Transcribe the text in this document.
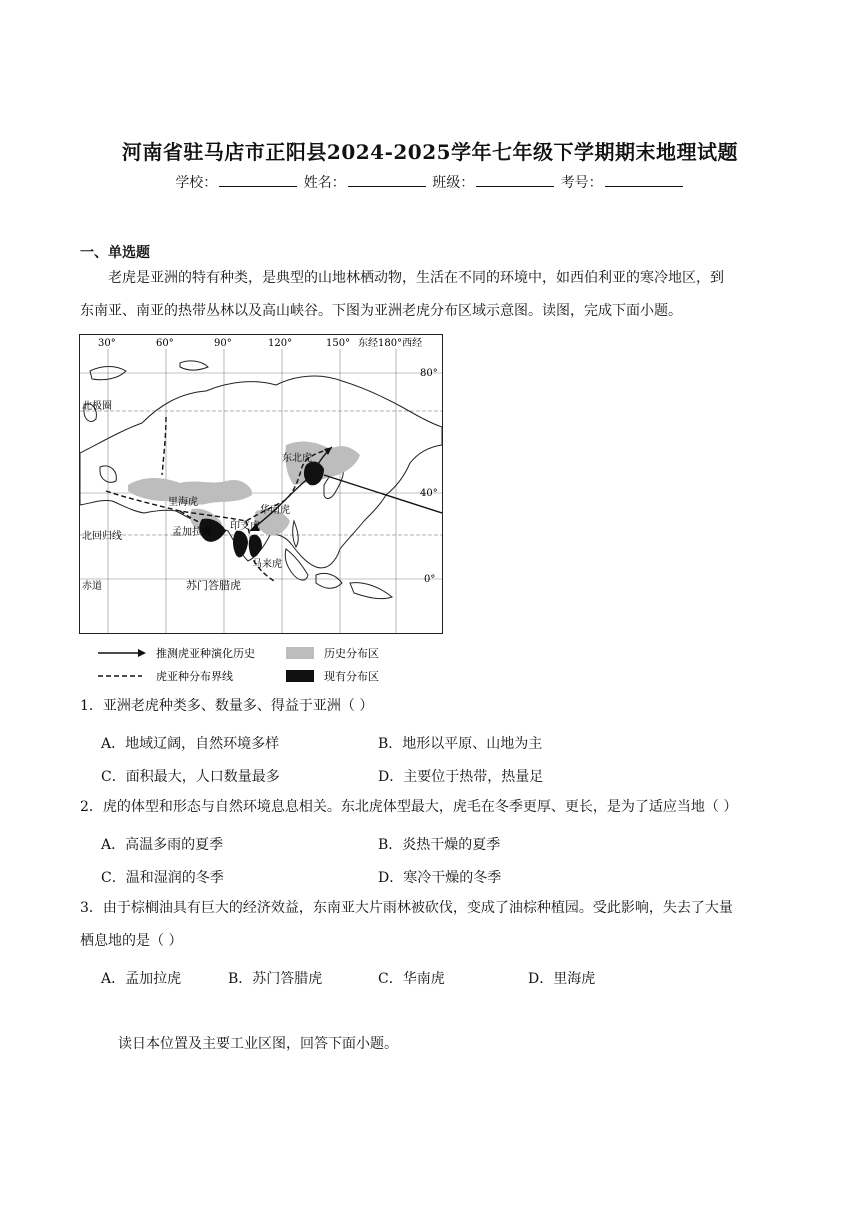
河南省驻马店市正阳县2024-2025学年七年级下学期期末地理试题
学校：	姓名：	班级：	考号：
一、单选题
老虎是亚洲的特有种类，是典型的山地林栖动物，生活在不同的环境中，如西伯利亚的寒冷地区，到
东南亚、南亚的热带丛林以及高山峡谷。下图为亚洲老虎分布区域示意图。读图，完成下面小题。
30°	60°	90°	120°	150° 东经180°西经
80°
40°
0°
北极圈
北回归线
赤道
东北虎
里海虎
华南虎
孟加拉虎
印支虎
马来虎
苏门答腊虎
推测虎亚种演化历史
虎亚种分布界线
历史分布区
现有分布区
1．亚洲老虎种类多、数量多、得益于亚洲（ ）
A．地域辽阔，自然环境多样	B．地形以平原、山地为主
C．面积最大，人口数量最多	D．主要位于热带，热量足
2．虎的体型和形态与自然环境息息相关。东北虎体型最大，虎毛在冬季更厚、更长，是为了适应当地（ ）
A．高温多雨的夏季	B．炎热干燥的夏季
C．温和湿润的冬季	D．寒冷干燥的冬季
3．由于棕榈油具有巨大的经济效益，东南亚大片雨林被砍伐，变成了油棕种植园。受此影响，失去了大量
栖息地的是（ ）
A．孟加拉虎	B．苏门答腊虎	C．华南虎	D．里海虎
读日本位置及主要工业区图，回答下面小题。
